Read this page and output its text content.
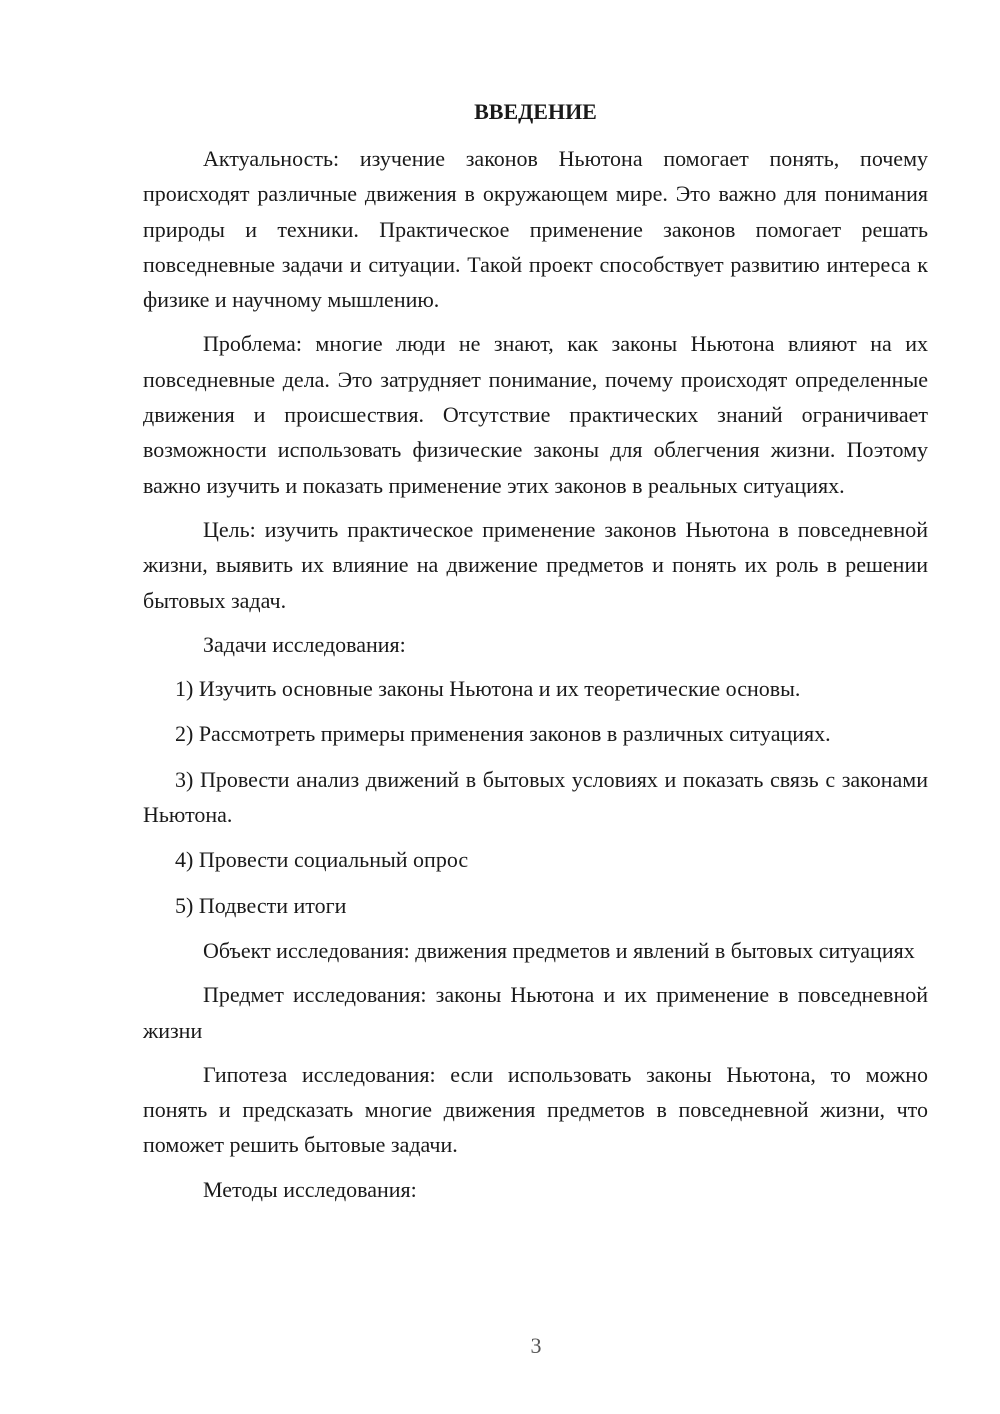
ВВЕДЕНИЕ

Актуальность: изучение законов Ньютона помогает понять, почему происходят различные движения в окружающем мире. Это важно для понимания природы и техники. Практическое применение законов помогает решать повседневные задачи и ситуации. Такой проект способствует развитию интереса к физике и научному мышлению.

Проблема: многие люди не знают, как законы Ньютона влияют на их повседневные дела. Это затрудняет понимание, почему происходят определенные движения и происшествия. Отсутствие практических знаний ограничивает возможности использовать физические законы для облегчения жизни. Поэтому важно изучить и показать применение этих законов в реальных ситуациях.

Цель: изучить практическое применение законов Ньютона в повседневной жизни, выявить их влияние на движение предметов и понять их роль в решении бытовых задач.

Задачи исследования:

1) Изучить основные законы Ньютона и их теоретические основы.
2) Рассмотреть примеры применения законов в различных ситуациях.
3) Провести анализ движений в бытовых условиях и показать связь с законами Ньютона.
4) Провести социальный опрос
5) Подвести итоги

Объект исследования: движения предметов и явлений в бытовых ситуациях

Предмет исследования: законы Ньютона и их применение в повседневной жизни

Гипотеза исследования: если использовать законы Ньютона, то можно понять и предсказать многие движения предметов в повседневной жизни, что поможет решить бытовые задачи.

Методы исследования:

3
